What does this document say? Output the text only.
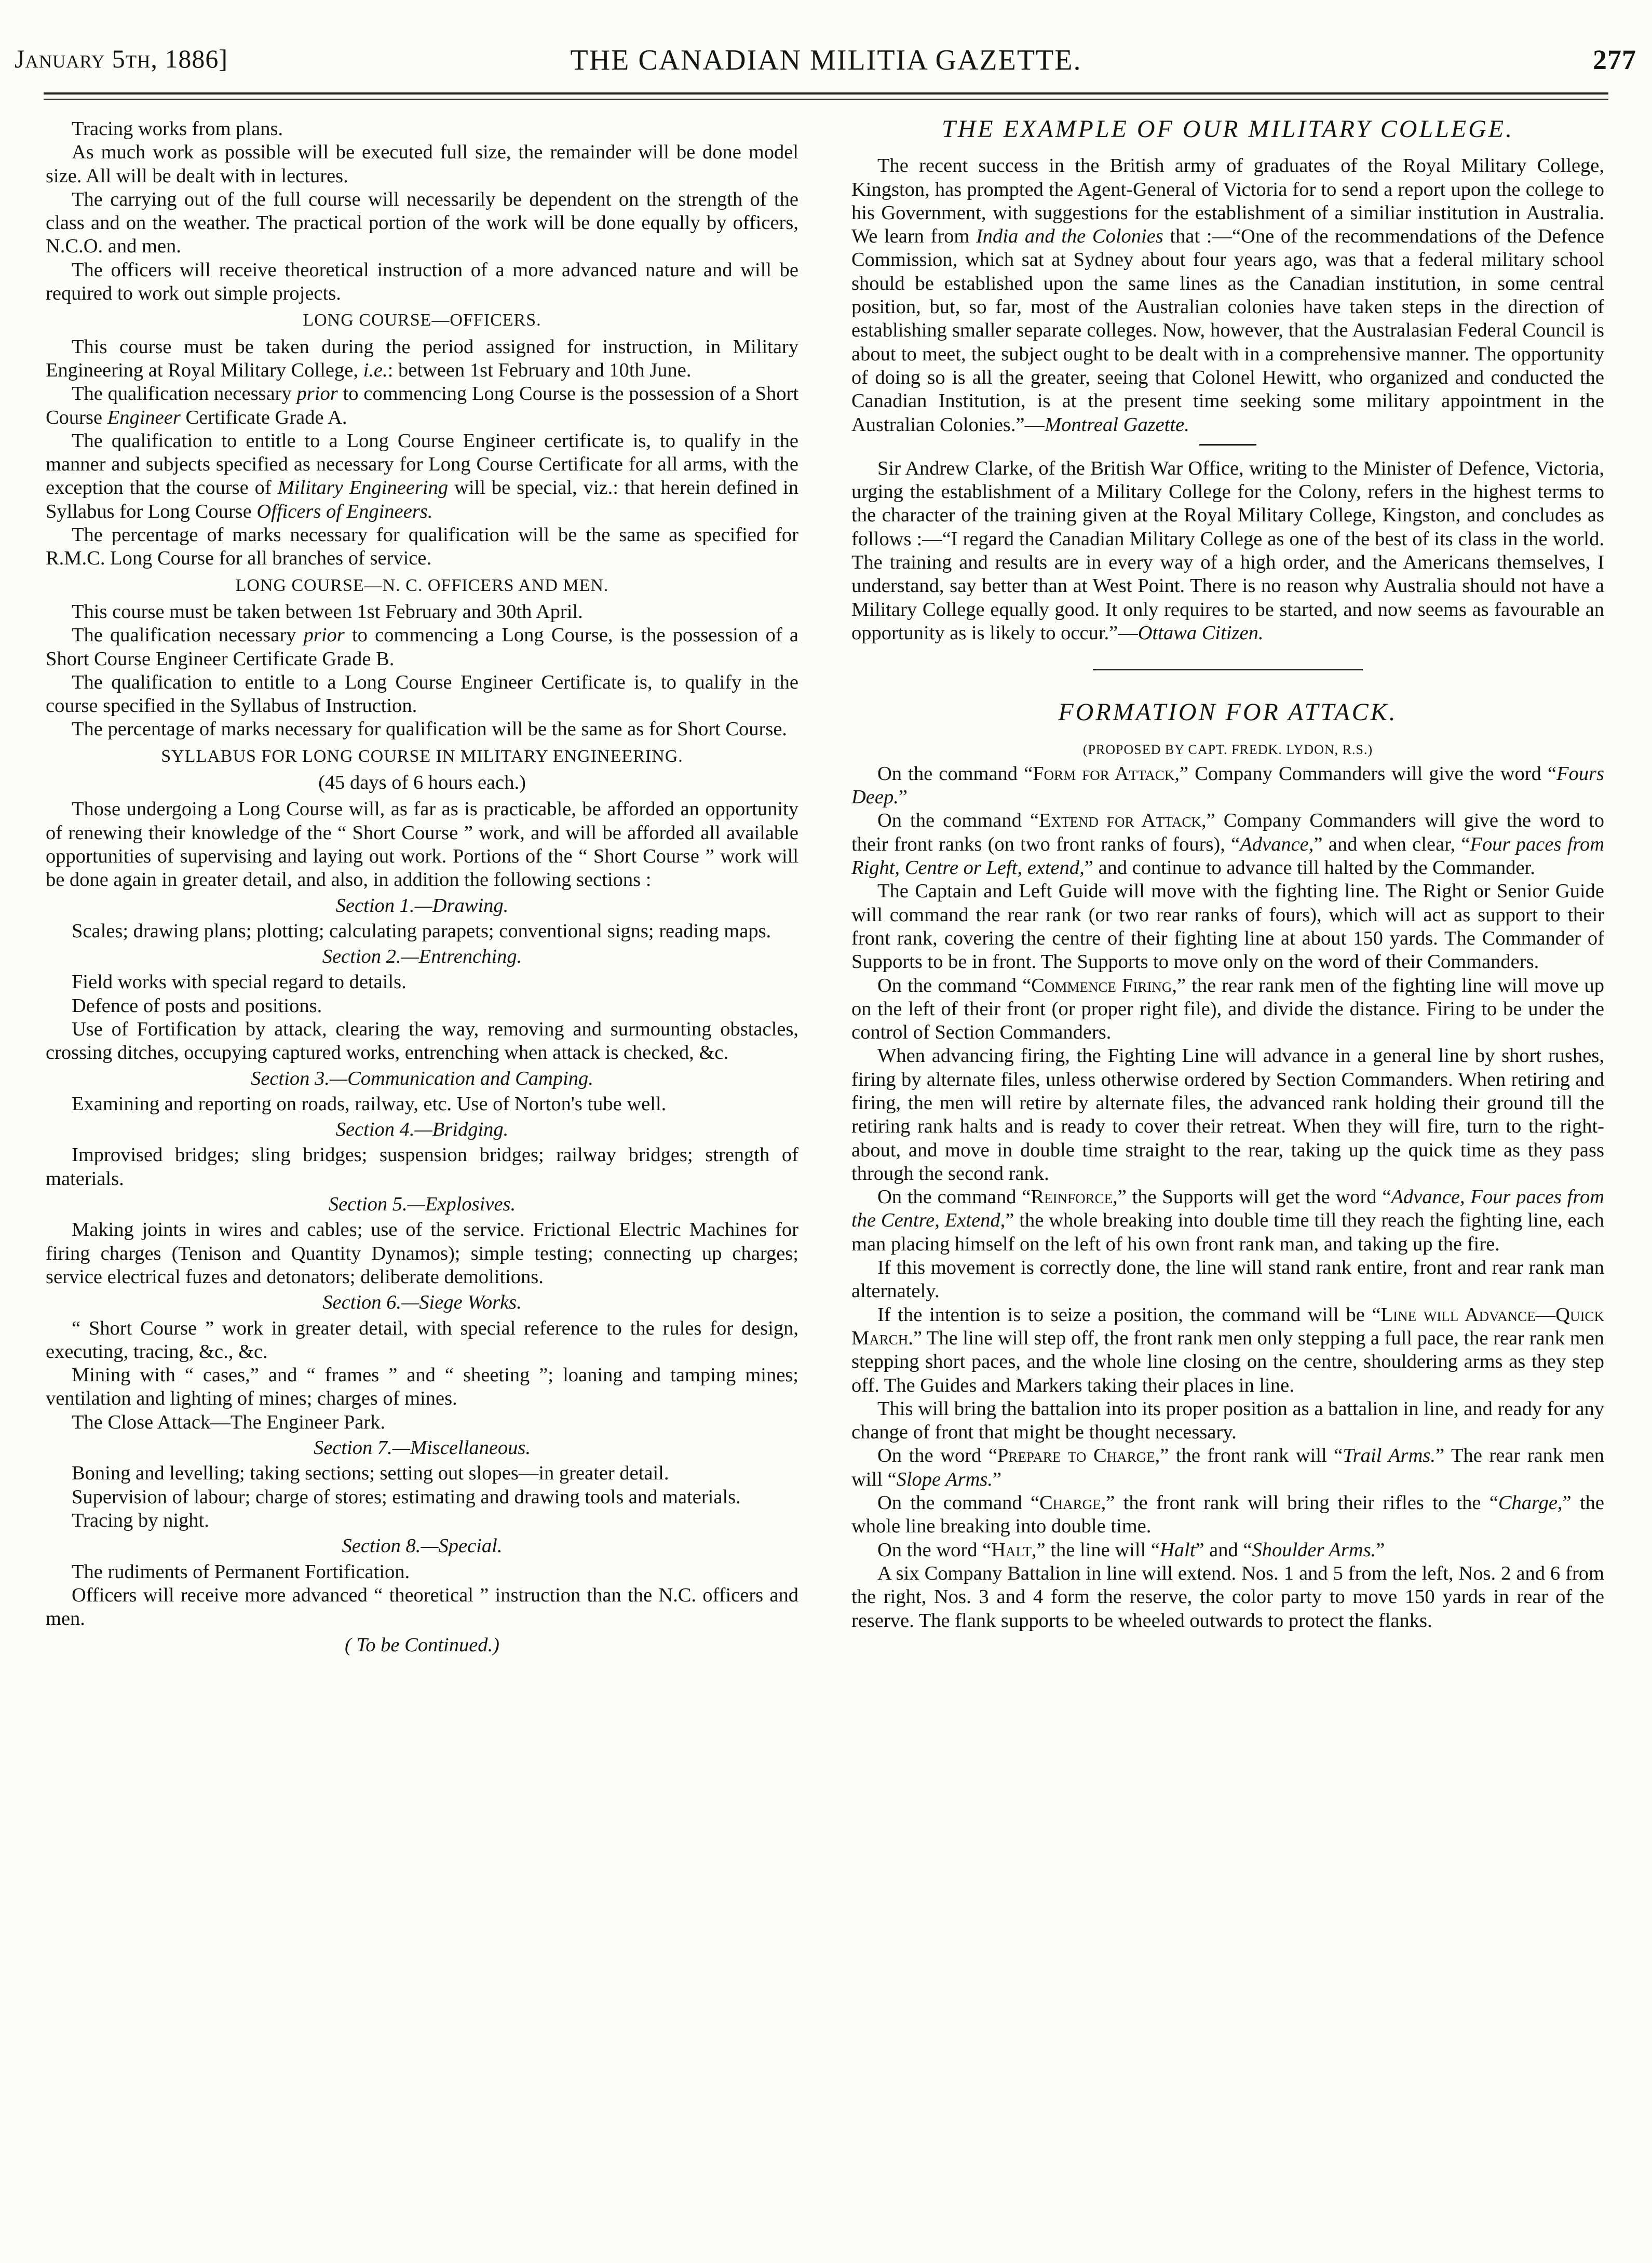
January 5th, 1886]	THE CANADIAN MILITIA GAZETTE.	277

Tracing works from plans.

As much work as possible will be executed full size, the remainder will be done model size. All will be dealt with in lectures.

The carrying out of the full course will necessarily be dependent on the strength of the class and on the weather. The practical portion of the work will be done equally by officers, N.C.O. and men.

The officers will receive theoretical instruction of a more advanced nature and will be required to work out simple projects.

LONG COURSE—OFFICERS.

This course must be taken during the period assigned for instruction, in Military Engineering at Royal Military College, i.e.: between 1st February and 10th June.

The qualification necessary prior to commencing Long Course is the possession of a Short Course Engineer Certificate Grade A.

The qualification to entitle to a Long Course Engineer certificate is, to qualify in the manner and subjects specified as necessary for Long Course Certificate for all arms, with the exception that the course of Military Engineering will be special, viz.: that herein defined in Syllabus for Long Course Officers of Engineers.

The percentage of marks necessary for qualification will be the same as specified for R.M.C. Long Course for all branches of service.

LONG COURSE—N. C. OFFICERS AND MEN.

This course must be taken between 1st February and 30th April.

The qualification necessary prior to commencing a Long Course, is the possession of a Short Course Engineer Certificate Grade B.

The qualification to entitle to a Long Course Engineer Certificate is, to qualify in the course specified in the Syllabus of Instruction.

The percentage of marks necessary for qualification will be the same as for Short Course.

SYLLABUS FOR LONG COURSE IN MILITARY ENGINEERING.
(45 days of 6 hours each.)

Those undergoing a Long Course will, as far as is practicable, be afforded an opportunity of renewing their knowledge of the “ Short Course ” work, and will be afforded all available opportunities of supervising and laying out work. Portions of the “ Short Course ” work will be done again in greater detail, and also, in addition the following sections :

Section 1.—Drawing.

Scales; drawing plans; plotting; calculating parapets; conventional signs; reading maps.

Section 2.—Entrenching.

Field works with special regard to details.

Defence of posts and positions.

Use of Fortification by attack, clearing the way, removing and surmounting obstacles, crossing ditches, occupying captured works, entrenching when attack is checked, &c.

Section 3.—Communication and Camping.

Examining and reporting on roads, railway, etc. Use of Norton's tube well.

Section 4.—Bridging.

Improvised bridges; sling bridges; suspension bridges; railway bridges; strength of materials.

Section 5.—Explosives.

Making joints in wires and cables; use of the service. Frictional Electric Machines for firing charges (Tenison and Quantity Dynamos); simple testing; connecting up charges; service electrical fuzes and detonators; deliberate demolitions.

Section 6.—Siege Works.

“ Short Course ” work in greater detail, with special reference to the rules for design, executing, tracing, &c., &c.

Mining with “ cases,” and “ frames ” and “ sheeting ”; loaning and tamping mines; ventilation and lighting of mines; charges of mines.

The Close Attack—The Engineer Park.

Section 7.—Miscellaneous.

Boning and levelling; taking sections; setting out slopes—in greater detail.

Supervision of labour; charge of stores; estimating and drawing tools and materials.

Tracing by night.

Section 8.—Special.

The rudiments of Permanent Fortification.

Officers will receive more advanced “ theoretical ” instruction than the N.C. officers and men.

( To be Continued.)
THE EXAMPLE OF OUR MILITARY COLLEGE.

The recent success in the British army of graduates of the Royal Military College, Kingston, has prompted the Agent-General of Victoria for to send a report upon the college to his Government, with suggestions for the establishment of a similiar institution in Australia. We learn from India and the Colonies that :—“One of the recommendations of the Defence Commission, which sat at Sydney about four years ago, was that a federal military school should be established upon the same lines as the Canadian institution, in some central position, but, so far, most of the Australian colonies have taken steps in the direction of establishing smaller separate colleges. Now, however, that the Australasian Federal Council is about to meet, the subject ought to be dealt with in a comprehensive manner. The opportunity of doing so is all the greater, seeing that Colonel Hewitt, who organized and conducted the Canadian Institution, is at the present time seeking some military appointment in the Australian Colonies.”—Montreal Gazette.

Sir Andrew Clarke, of the British War Office, writing to the Minister of Defence, Victoria, urging the establishment of a Military College for the Colony, refers in the highest terms to the character of the training given at the Royal Military College, Kingston, and concludes as follows :—“I regard the Canadian Military College as one of the best of its class in the world. The training and results are in every way of a high order, and the Americans themselves, I understand, say better than at West Point. There is no reason why Australia should not have a Military College equally good. It only requires to be started, and now seems as favourable an opportunity as is likely to occur.”—Ottawa Citizen.

FORMATION FOR ATTACK.
(PROPOSED BY CAPT. FREDK. LYDON, R.S.)

On the command “Form for Attack,” Company Commanders will give the word “Fours Deep.”

On the command “Extend for Attack,” Company Commanders will give the word to their front ranks (on two front ranks of fours), “Advance,” and when clear, “Four paces from Right, Centre or Left, extend,” and continue to advance till halted by the Commander.

The Captain and Left Guide will move with the fighting line. The Right or Senior Guide will command the rear rank (or two rear ranks of fours), which will act as support to their front rank, covering the centre of their fighting line at about 150 yards. The Commander of Supports to be in front. The Supports to move only on the word of their Commanders.

On the command “Commence Firing,” the rear rank men of the fighting line will move up on the left of their front (or proper right file), and divide the distance. Firing to be under the control of Section Commanders.

When advancing firing, the Fighting Line will advance in a general line by short rushes, firing by alternate files, unless otherwise ordered by Section Commanders. When retiring and firing, the men will retire by alternate files, the advanced rank holding their ground till the retiring rank halts and is ready to cover their retreat. When they will fire, turn to the right-about, and move in double time straight to the rear, taking up the quick time as they pass through the second rank.

On the command “Reinforce,” the Supports will get the word “Advance, Four paces from the Centre, Extend,” the whole breaking into double time till they reach the fighting line, each man placing himself on the left of his own front rank man, and taking up the fire.

If this movement is correctly done, the line will stand rank entire, front and rear rank man alternately.

If the intention is to seize a position, the command will be “Line will Advance—Quick March.” The line will step off, the front rank men only stepping a full pace, the rear rank men stepping short paces, and the whole line closing on the centre, shouldering arms as they step off. The Guides and Markers taking their places in line.

This will bring the battalion into its proper position as a battalion in line, and ready for any change of front that might be thought necessary.

On the word “Prepare to Charge,” the front rank will “Trail Arms.” The rear rank men will “Slope Arms.”

On the command “Charge,” the front rank will bring their rifles to the “Charge,” the whole line breaking into double time.

On the word “Halt,” the line will “Halt” and “Shoulder Arms.”

A six Company Battalion in line will extend. Nos. 1 and 5 from the left, Nos. 2 and 6 from the right, Nos. 3 and 4 form the reserve, the color party to move 150 yards in rear of the reserve. The flank supports to be wheeled outwards to protect the flanks.
